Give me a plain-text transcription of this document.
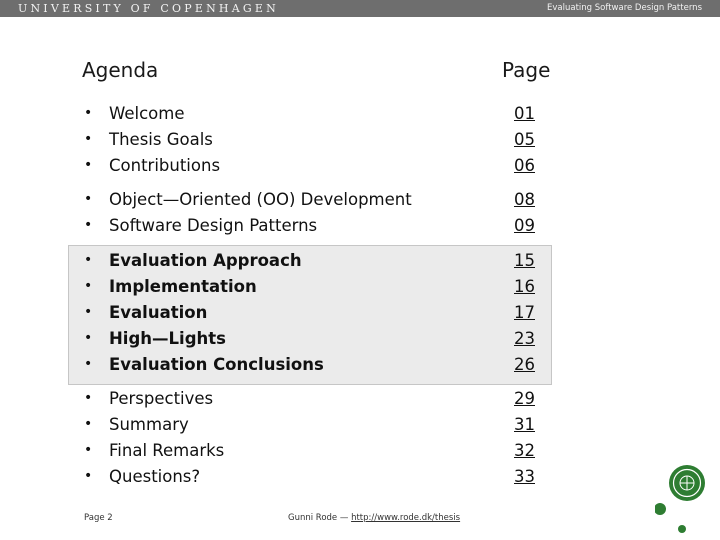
UNIVERSITY OF COPENHAGEN	Evaluating Software Design Patterns
Agenda	Page
• Welcome	01
• Thesis Goals	05
• Contributions	06
• Object—Oriented (OO) Development	08
• Software Design Patterns	09
• Evaluation Approach	15
• Implementation	16
• Evaluation	17
• High—Lights	23
• Evaluation Conclusions	26
• Perspectives	29
• Summary	31
• Final Remarks	32
• Questions?	33
Page 2	Gunni Rode — http://www.rode.dk/thesis
